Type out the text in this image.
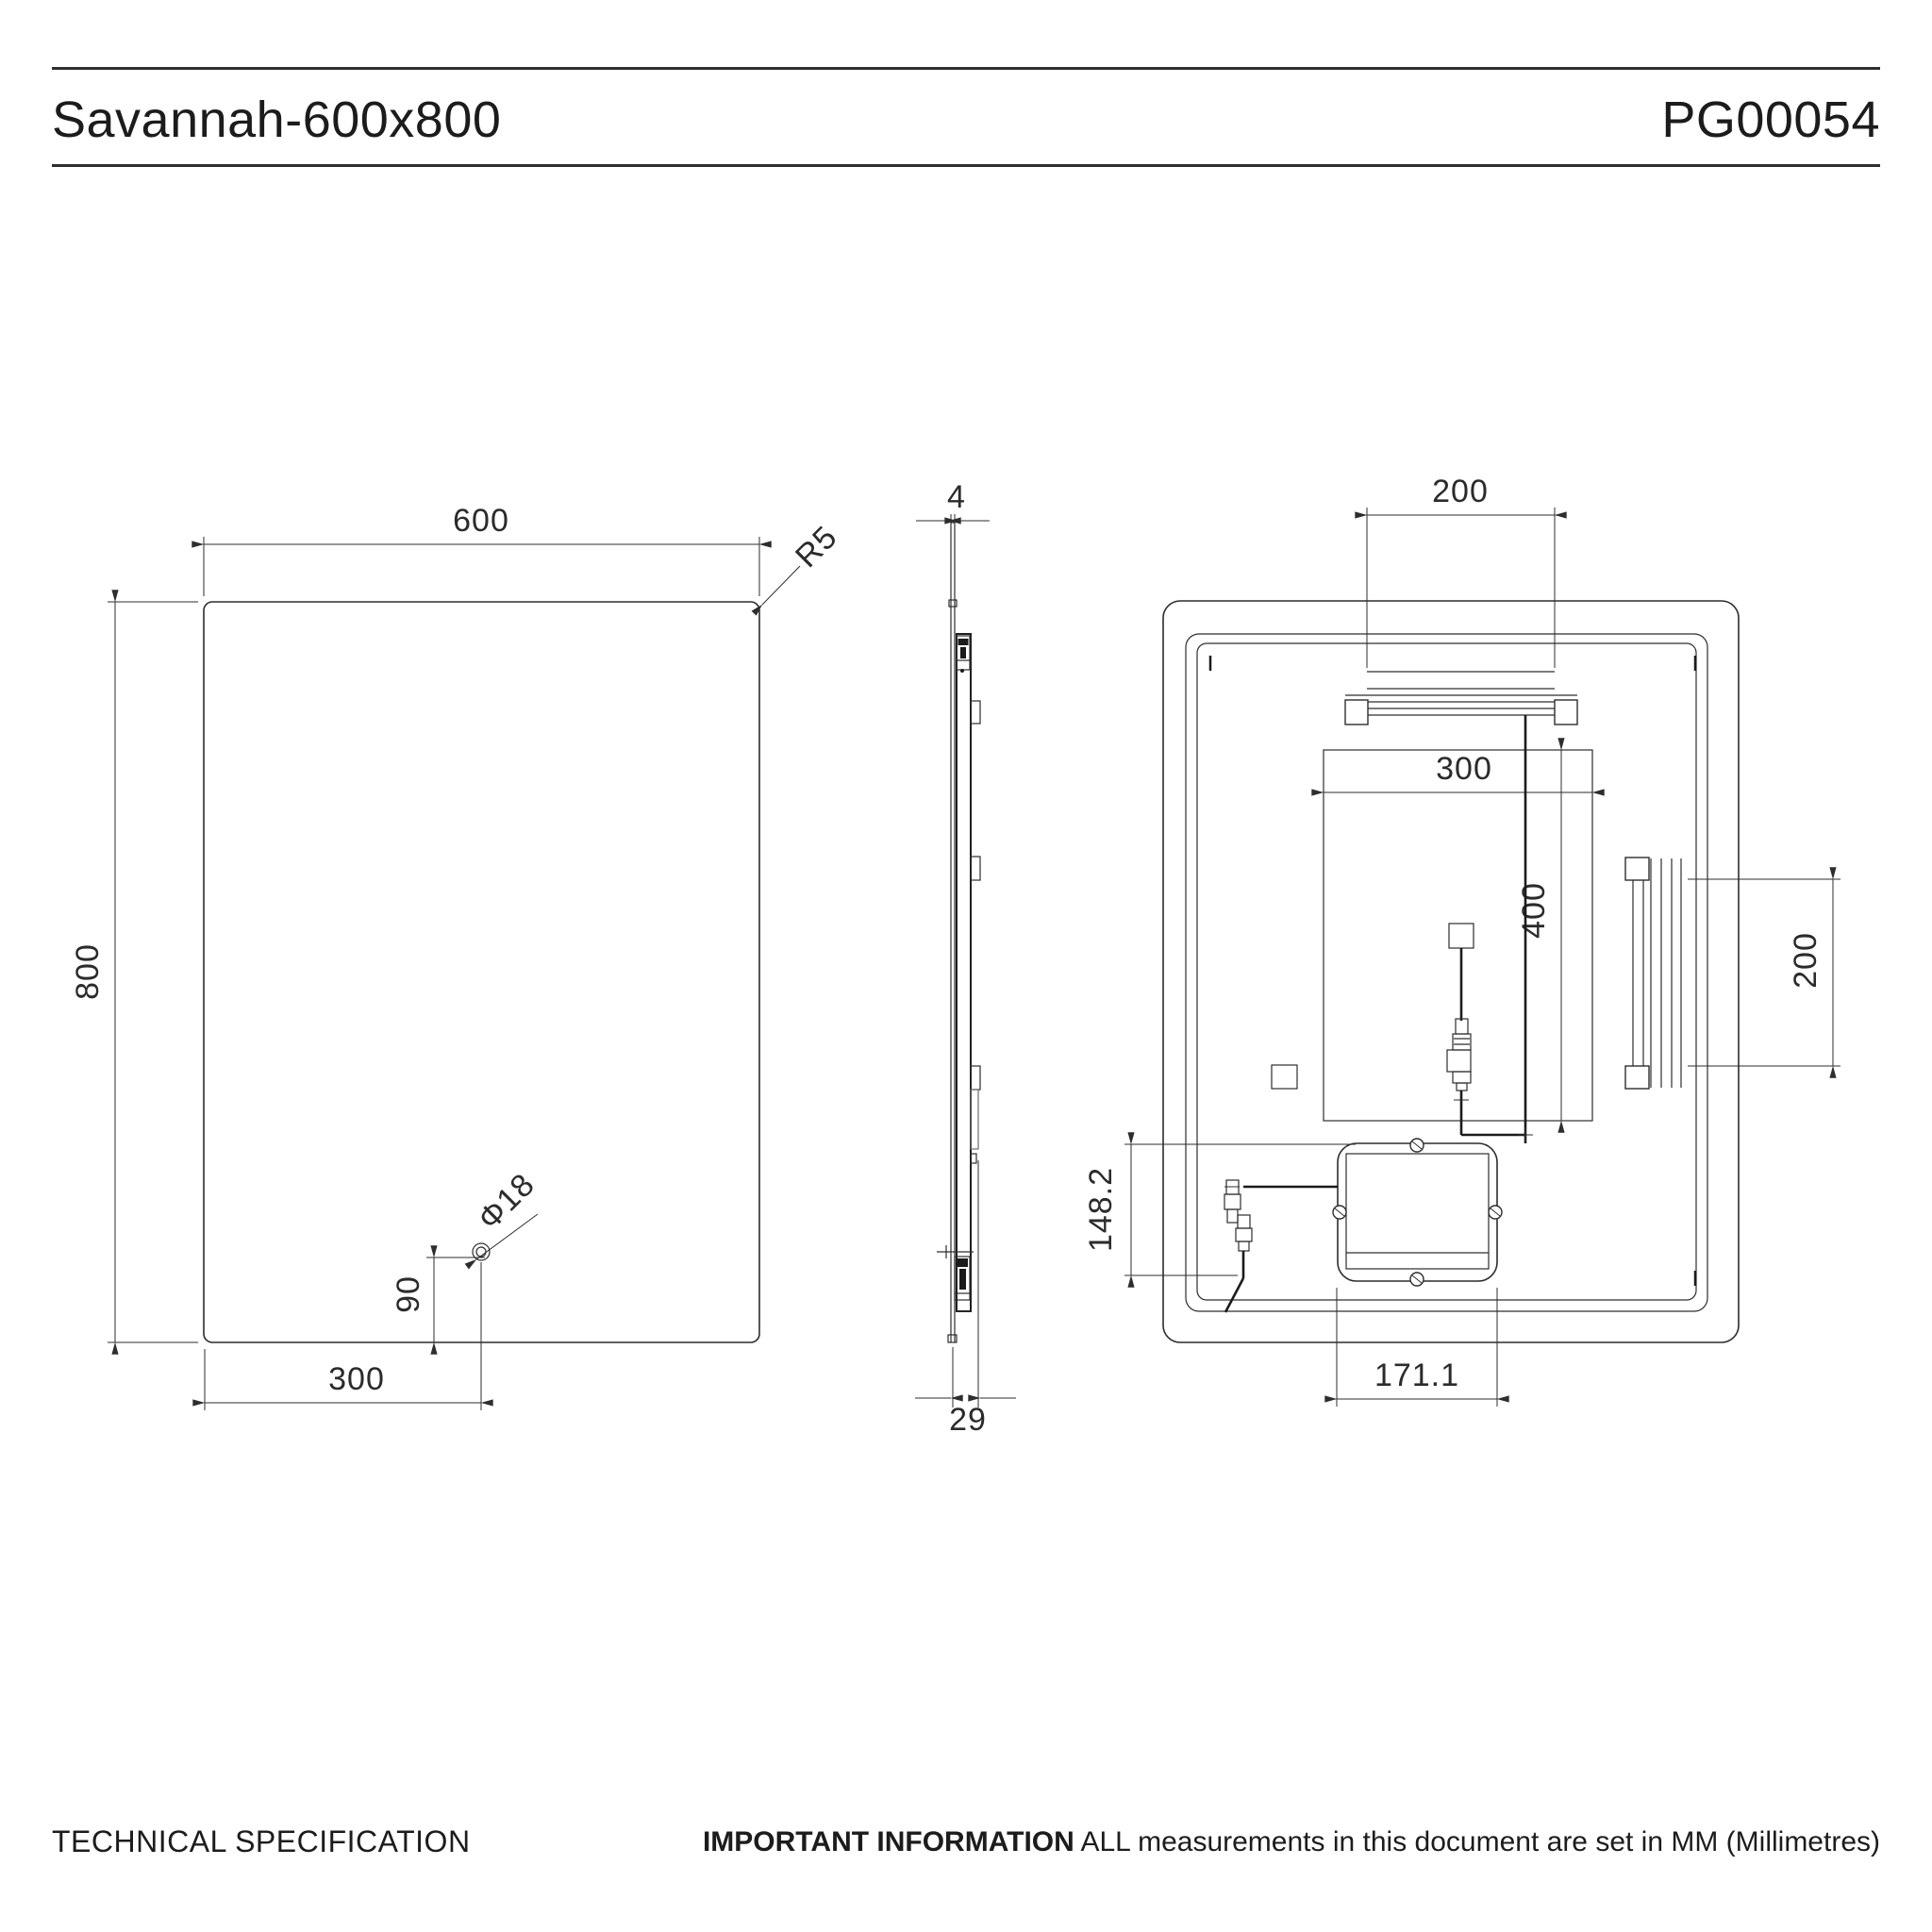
Savannah-600x800	PG00054
600
800
R5
Φ18
90
300
4
29
200
300
400
200
148.2
171.1
TECHNICAL SPECIFICATION	IMPORTANT INFORMATION ALL measurements in this document are set in MM (Millimetres)
